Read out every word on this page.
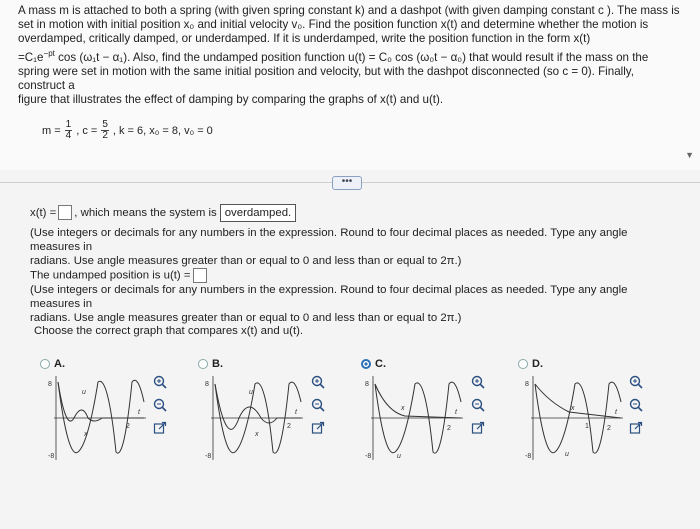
A mass m is attached to both a spring (with given spring constant k) and a dashpot (with given damping constant c ). The mass is

set in motion with initial position x₀ and initial velocity v₀. Find the position function x(t) and determine whether the motion is

overdamped, critically damped, or underdamped. If it is underdamped, write the position function in the form x(t)

$=C_1e^{-pt}$ cos (ω₁t − α₁). Also, find the undamped position function u(t) = C₀ cos (ω₀t − α₀) that would result if the mass on the

spring were set in motion with the same initial position and velocity, but with the dashpot disconnected (so c = 0). Finally, construct a

figure that illustrates the effect of damping by comparing the graphs of x(t) and u(t).

$m = \frac{1}{4}$ , $c = \frac{5}{2}$ , k = 6, x₀ = 8, v₀ = 0
▼
•••
x(t) = , which means the system is overdamped.
(Use integers or decimals for any numbers in the expression. Round to four decimal places as needed. Type any angle measures in
radians. Use angle measures greater than or equal to 0 and less than or equal to 2π.)
The undamped position is u(t) =
(Use integers or decimals for any numbers in the expression. Round to four decimal places as needed. Type any angle measures in
radians. Use angle measures greater than or equal to 0 and less than or equal to 2π.)
Choose the correct graph that compares x(t) and u(t).
A.	B.	C.	D.
8
-8
u
x
2
t
8
-8
u
x
2
t
8
-8
x
u
2
t
8
-8
x
u
1	2
t
